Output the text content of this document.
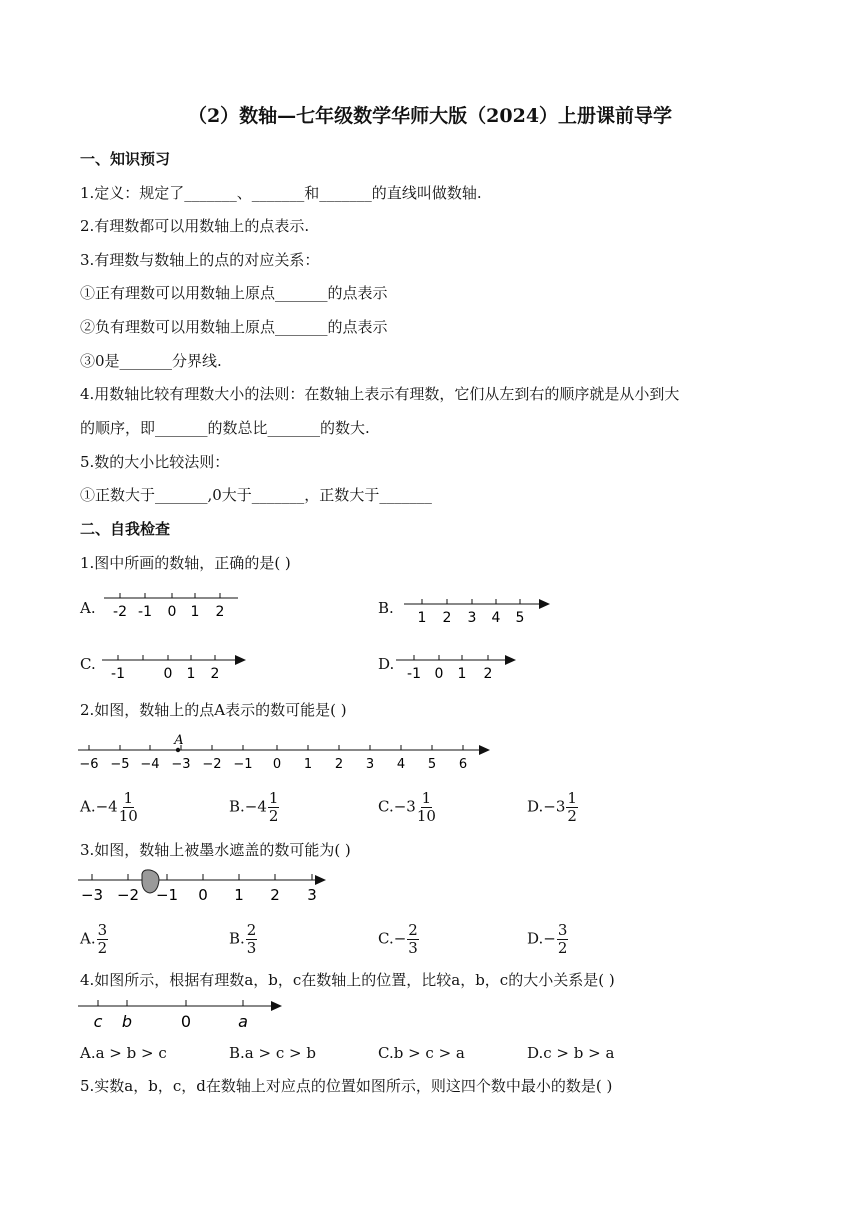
（2）数轴—七年级数学华师大版（2024）上册课前导学
一、知识预习
1.定义：规定了_______、_______和_______的直线叫做数轴.
2.有理数都可以用数轴上的点表示.
3.有理数与数轴上的点的对应关系：
①正有理数可以用数轴上原点_______的点表示
②负有理数可以用数轴上原点_______的点表示
③0是_______分界线.
4.用数轴比较有理数大小的法则：在数轴上表示有理数，它们从左到右的顺序就是从小到大
的顺序，即_______的数总比_______的数大.
5.数的大小比较法则：
①正数大于_______,0大于_______，正数大于_______
二、自我检查
1.图中所画的数轴，正确的是( )
A. -2 -1 0 1 2	B.
1 2 3 4 5
C.
-1	0 1 2
D.
-1 0 1 2
2.如图，数轴上的点A表示的数可能是( )
−6 −5 −4 −3 −2 −1 0 1 2 3 4 5 6
A
$A.-4 \frac{1}{10}$	$B.-4 \frac{1}{2}$	$C.-3 \frac{1}{10}$	$D.-3 \frac{1}{2}$
3.如图，数轴上被墨水遮盖的数可能为( )
−3 −2 −1 0 1 2 3
A. $\frac{3}{2}$	B. $\frac{2}{3}$	$C.- \frac{2}{3}$	$D.- \frac{3}{2}$
4.如图所示，根据有理数a，b，c在数轴上的位置，比较a，b，c的大小关系是( )
c b	0	a
A.a > b > c	B.a > c > b	C.b > c > a	D.c > b > a
5.实数a，b，c，d在数轴上对应点的位置如图所示，则这四个数中最小的数是( )
